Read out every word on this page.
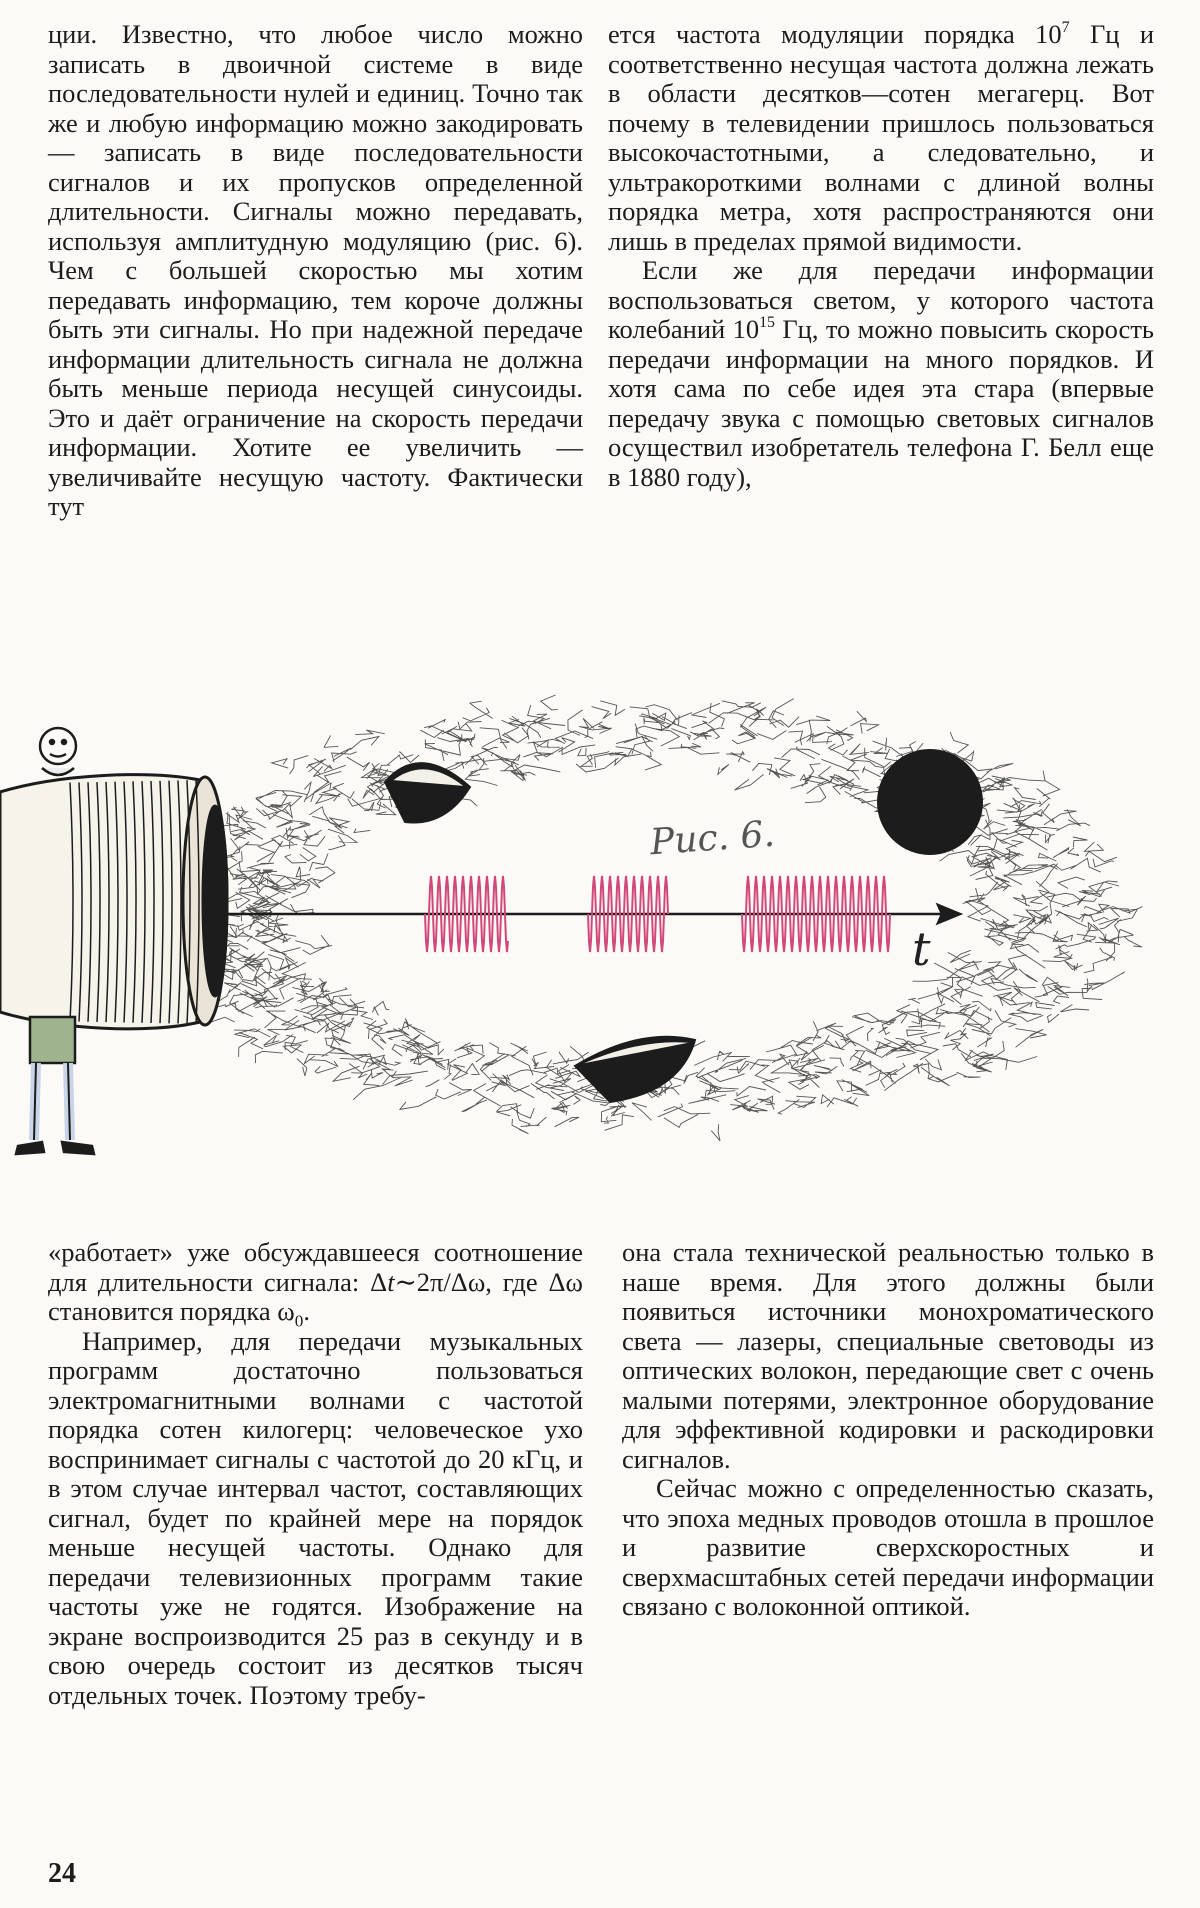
ции. Известно, что любое число можно записать в двоичной системе в виде последовательности нулей и единиц. Точно так же и любую информацию можно закодировать — записать в виде последовательности сигналов и их пропусков определенной длительности. Сигналы можно передавать, используя амплитудную модуляцию (рис. 6). Чем с большей скоростью мы хотим передавать информацию, тем короче должны быть эти сигналы. Но при надежной передаче информации длительность сигнала не должна быть меньше периода несущей синусоиды. Это и даёт ограничение на скорость передачи информации. Хотите ее увеличить — увеличивайте несущую частоту. Фактически тут

ется частота модуляции порядка $10^7$ Гц и соответственно несущая частота должна лежать в области десятков—сотен мегагерц. Вот почему в телевидении пришлось пользоваться высокочастотными, а следовательно, и ультракороткими волнами с длиной волны порядка метра, хотя распространяются они лишь в пределах прямой видимости.

Если же для передачи информации воспользоваться светом, у которого частота колебаний $10^{15}$ Гц, то можно повысить скорость передачи информации на много порядков. И хотя сама по себе идея эта стара (впервые передачу звука с помощью световых сигналов осуществил изобретатель телефона Г. Белл еще в 1880 году),

Рис. 6.
t

«работает» уже обсуждавшееся соотношение для длительности сигнала: Δt∼2π/Δω, где Δω становится порядка $\omega_0$.

Например, для передачи музыкальных программ достаточно пользоваться электромагнитными волнами с частотой порядка сотен килогерц: человеческое ухо воспринимает сигналы с частотой до 20 кГц, и в этом случае интервал частот, составляющих сигнал, будет по крайней мере на порядок меньше несущей частоты. Однако для передачи телевизионных программ такие частоты уже не годятся. Изображение на экране воспроизводится 25 раз в секунду и в свою очередь состоит из десятков тысяч отдельных точек. Поэтому требу-

она стала технической реальностью только в наше время. Для этого должны были появиться источники монохроматического света — лазеры, специальные световоды из оптических волокон, передающие свет с очень малыми потерями, электронное оборудование для эффективной кодировки и раскодировки сигналов.

Сейчас можно с определенностью сказать, что эпоха медных проводов отошла в прошлое и развитие сверхскоростных и сверхмасштабных сетей передачи информации связано с волоконной оптикой.

24
